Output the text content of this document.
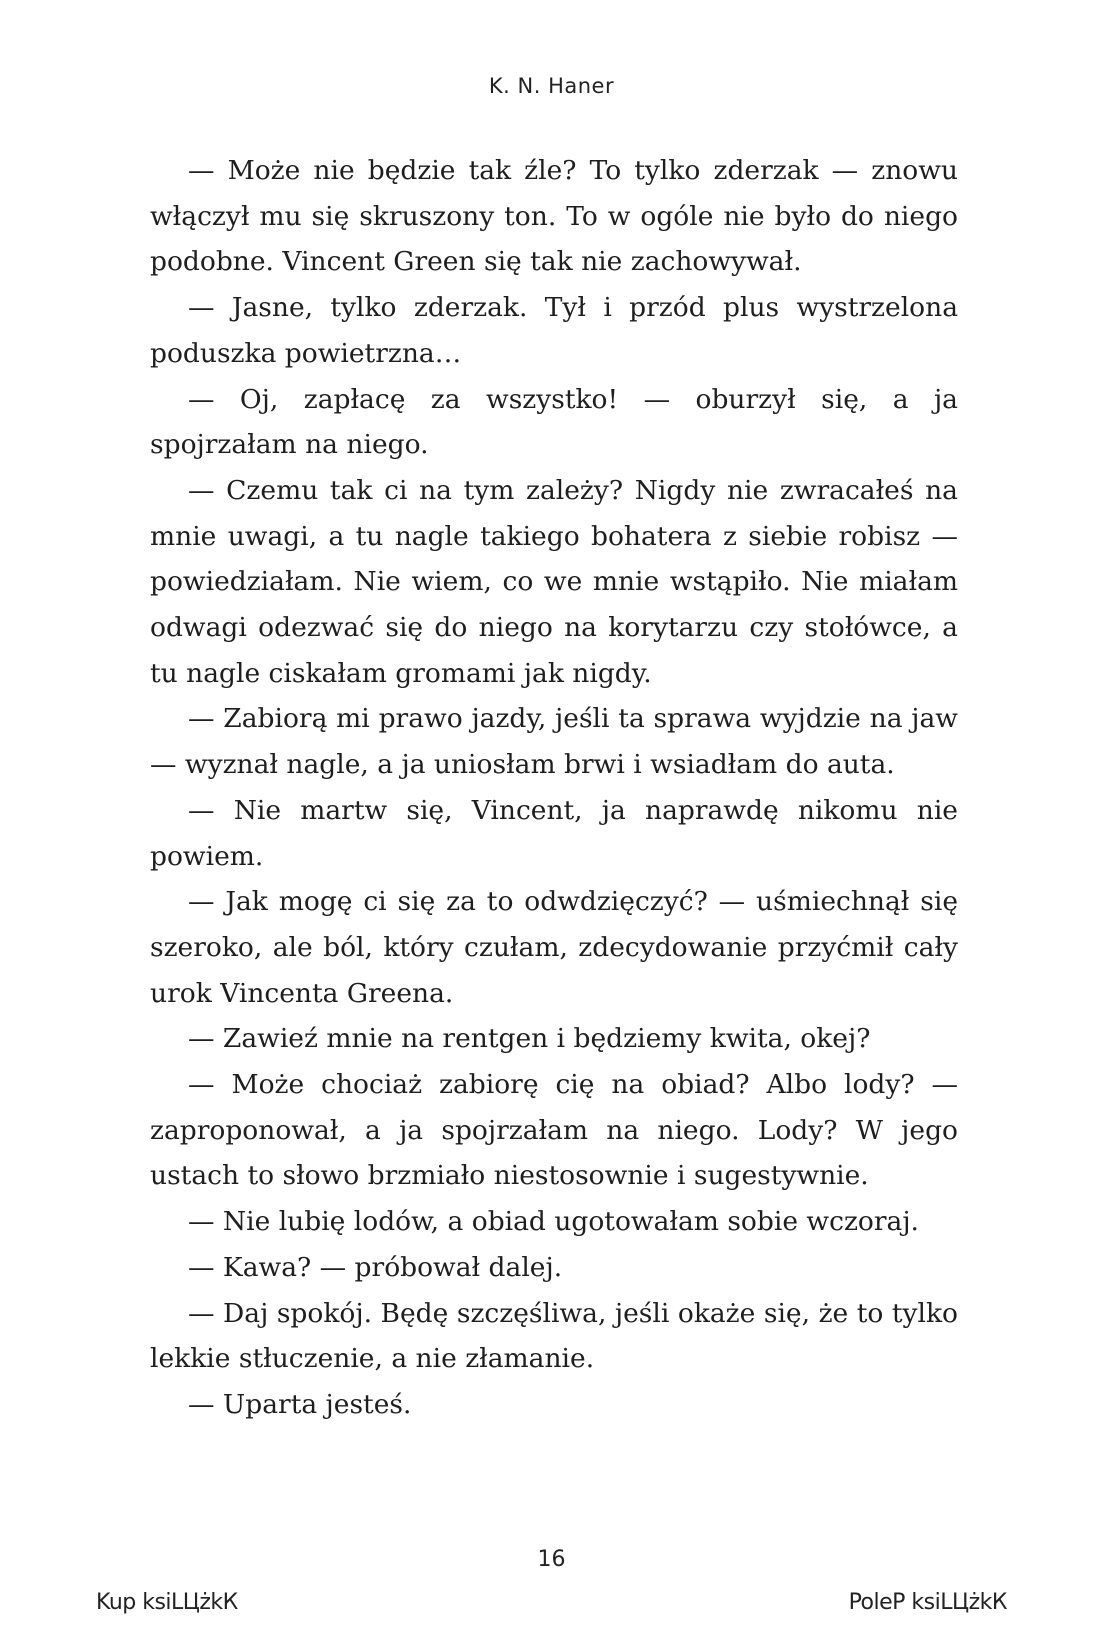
K. N. Haner

— Może nie będzie tak źle? To tylko zderzak — znowu włączył mu się skruszony ton. To w ogóle nie było do niego podobne. Vincent Green się tak nie zachowywał.

— Jasne, tylko zderzak. Tył i przód plus wystrzelona poduszka powietrzna…

— Oj, zapłacę za wszystko! — oburzył się, a ja spojrzałam na niego.

— Czemu tak ci na tym zależy? Nigdy nie zwracałeś na mnie uwagi, a tu nagle takiego bohatera z siebie robisz — powiedziałam. Nie wiem, co we mnie wstąpiło. Nie miałam odwagi odezwać się do niego na korytarzu czy stołówce, a tu nagle ciskałam gromami jak nigdy.

— Zabiorą mi prawo jazdy, jeśli ta sprawa wyjdzie na jaw — wyznał nagle, a ja uniosłam brwi i wsiadłam do auta.

— Nie martw się, Vincent, ja naprawdę nikomu nie powiem.

— Jak mogę ci się za to odwdzięczyć? — uśmiechnął się szeroko, ale ból, który czułam, zdecydowanie przyćmił cały urok Vincenta Greena.

— Zawieź mnie na rentgen i będziemy kwita, okej?

— Może chociaż zabiorę cię na obiad? Albo lody? — zaproponował, a ja spojrzałam na niego. Lody? W jego ustach to słowo brzmiało niestosownie i sugestywnie.

— Nie lubię lodów, a obiad ugotowałam sobie wczoraj.

— Kawa? — próbował dalej.

— Daj spokój. Będę szczęśliwa, jeśli okaże się, że to tylko lekkie stłuczenie, a nie złamanie.

— Uparta jesteś.

16
Kup ksiLЦżkК	PoleР ksiLЦżkК
